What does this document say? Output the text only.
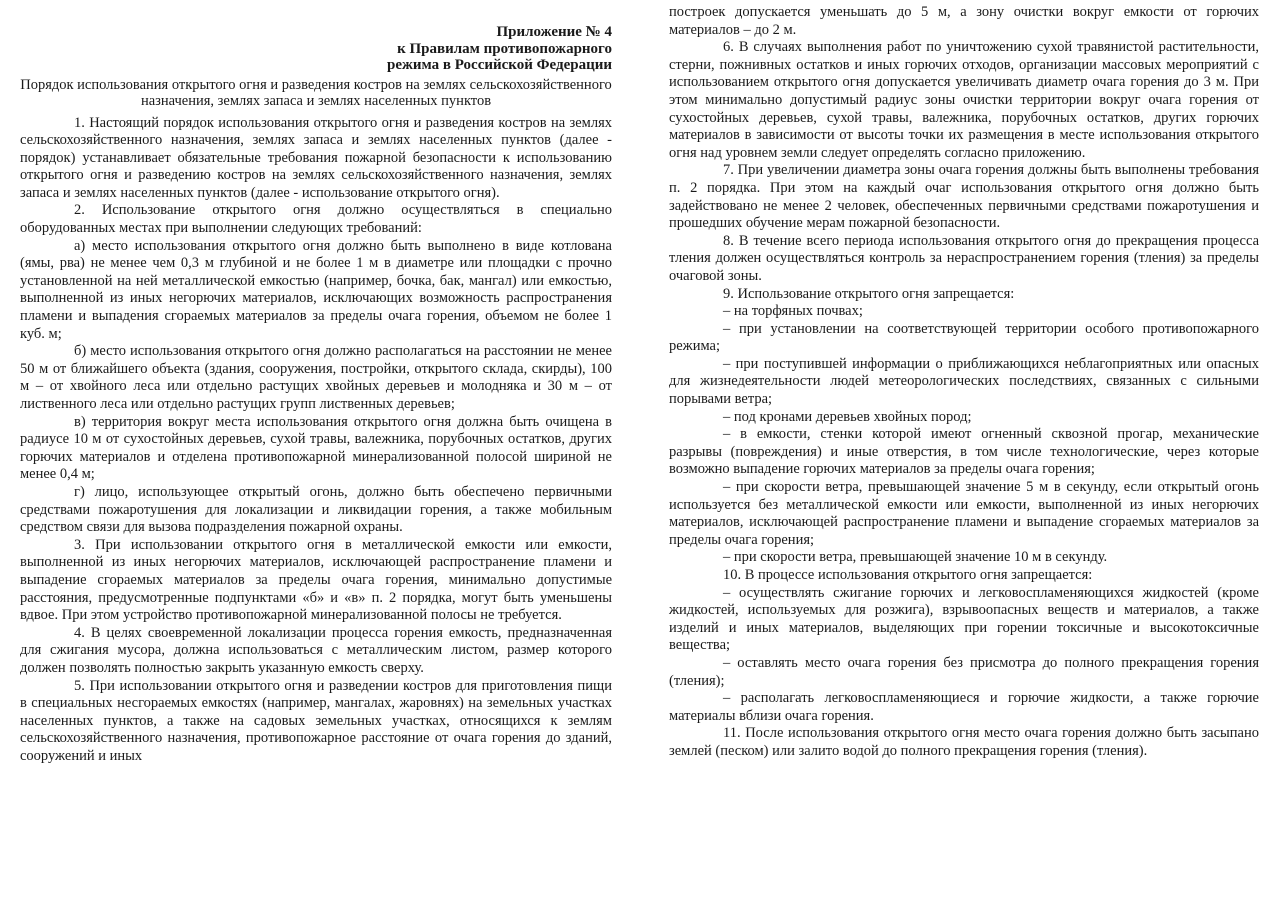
Приложение № 4
к Правилам противопожарного
режима в Российской Федерации
Порядок использования открытого огня и разведения костров на землях сельскохозяйственного назначения, землях запаса и землях населенных пунктов

1. Настоящий порядок использования открытого огня и разведения костров на землях сельскохозяйственного назначения, землях запаса и землях населенных пунктов (далее - порядок) устанавливает обязательные требования пожарной безопасности к использованию открытого огня и разведению костров на землях сельскохозяйственного назначения, землях запаса и землях населенных пунктов (далее - использование открытого огня).

2. Использование открытого огня должно осуществляться в специально оборудованных местах при выполнении следующих требований:

а) место использования открытого огня должно быть выполнено в виде котлована (ямы, рва) не менее чем 0,3 м глубиной и не более 1 м в диаметре или площадки с прочно установленной на ней металлической емкостью (например, бочка, бак, мангал) или емкостью, выполненной из иных негорючих материалов, исключающих возможность распространения пламени и выпадения сгораемых материалов за пределы очага горения, объемом не более 1 куб. м;

б) место использования открытого огня должно располагаться на расстоянии не менее 50 м от ближайшего объекта (здания, сооружения, постройки, открытого склада, скирды), 100 м – от хвойного леса или отдельно растущих хвойных деревьев и молодняка и 30 м – от лиственного леса или отдельно растущих групп лиственных деревьев;

в) территория вокруг места использования открытого огня должна быть очищена в радиусе 10 м от сухостойных деревьев, сухой травы, валежника, порубочных остатков, других горючих материалов и отделена противопожарной минерализованной полосой шириной не менее 0,4 м;

г) лицо, использующее открытый огонь, должно быть обеспечено первичными средствами пожаротушения для локализации и ликвидации горения, а также мобильным средством связи для вызова подразделения пожарной охраны.

3. При использовании открытого огня в металлической емкости или емкости, выполненной из иных негорючих материалов, исключающей распространение пламени и выпадение сгораемых материалов за пределы очага горения, минимально допустимые расстояния, предусмотренные подпунктами «б» и «в» п. 2 порядка, могут быть уменьшены вдвое. При этом устройство противопожарной минерализованной полосы не требуется.

4. В целях своевременной локализации процесса горения емкость, предназначенная для сжигания мусора, должна использоваться с металлическим листом, размер которого должен позволять полностью закрыть указанную емкость сверху.

5. При использовании открытого огня и разведении костров для приготовления пищи в специальных несгораемых емкостях (например, мангалах, жаровнях) на земельных участках населенных пунктов, а также на садовых земельных участках, относящихся к землям сельскохозяйственного назначения, противопожарное расстояние от очага горения до зданий, сооружений и иных

построек допускается уменьшать до 5 м, а зону очистки вокруг емкости от горючих материалов – до 2 м.

6. В случаях выполнения работ по уничтожению сухой травянистой растительности, стерни, пожнивных остатков и иных горючих отходов, организации массовых мероприятий с использованием открытого огня допускается увеличивать диаметр очага горения до 3 м. При этом минимально допустимый радиус зоны очистки территории вокруг очага горения от сухостойных деревьев, сухой травы, валежника, порубочных остатков, других горючих материалов в зависимости от высоты точки их размещения в месте использования открытого огня над уровнем земли следует определять согласно приложению.

7. При увеличении диаметра зоны очага горения должны быть выполнены требования п. 2 порядка. При этом на каждый очаг использования открытого огня должно быть задействовано не менее 2 человек, обеспеченных первичными средствами пожаротушения и прошедших обучение мерам пожарной безопасности.

8. В течение всего периода использования открытого огня до прекращения процесса тления должен осуществляться контроль за нераспространением горения (тления) за пределы очаговой зоны.

9. Использование открытого огня запрещается:

– на торфяных почвах;

– при установлении на соответствующей территории особого противопожарного режима;

– при поступившей информации о приближающихся неблагоприятных или опасных для жизнедеятельности людей метеорологических последствиях, связанных с сильными порывами ветра;

– под кронами деревьев хвойных пород;

– в емкости, стенки которой имеют огненный сквозной прогар, механические разрывы (повреждения) и иные отверстия, в том числе технологические, через которые возможно выпадение горючих материалов за пределы очага горения;

– при скорости ветра, превышающей значение 5 м в секунду, если открытый огонь используется без металлической емкости или емкости, выполненной из иных негорючих материалов, исключающей распространение пламени и выпадение сгораемых материалов за пределы очага горения;

– при скорости ветра, превышающей значение 10 м в секунду.

10. В процессе использования открытого огня запрещается:

– осуществлять сжигание горючих и легковоспламеняющихся жидкостей (кроме жидкостей, используемых для розжига), взрывоопасных веществ и материалов, а также изделий и иных материалов, выделяющих при горении токсичные и высокотоксичные вещества;

– оставлять место очага горения без присмотра до полного прекращения горения (тления);

– располагать легковоспламеняющиеся и горючие жидкости, а также горючие материалы вблизи очага горения.

11. После использования открытого огня место очага горения должно быть засыпано землей (песком) или залито водой до полного прекращения горения (тления).
